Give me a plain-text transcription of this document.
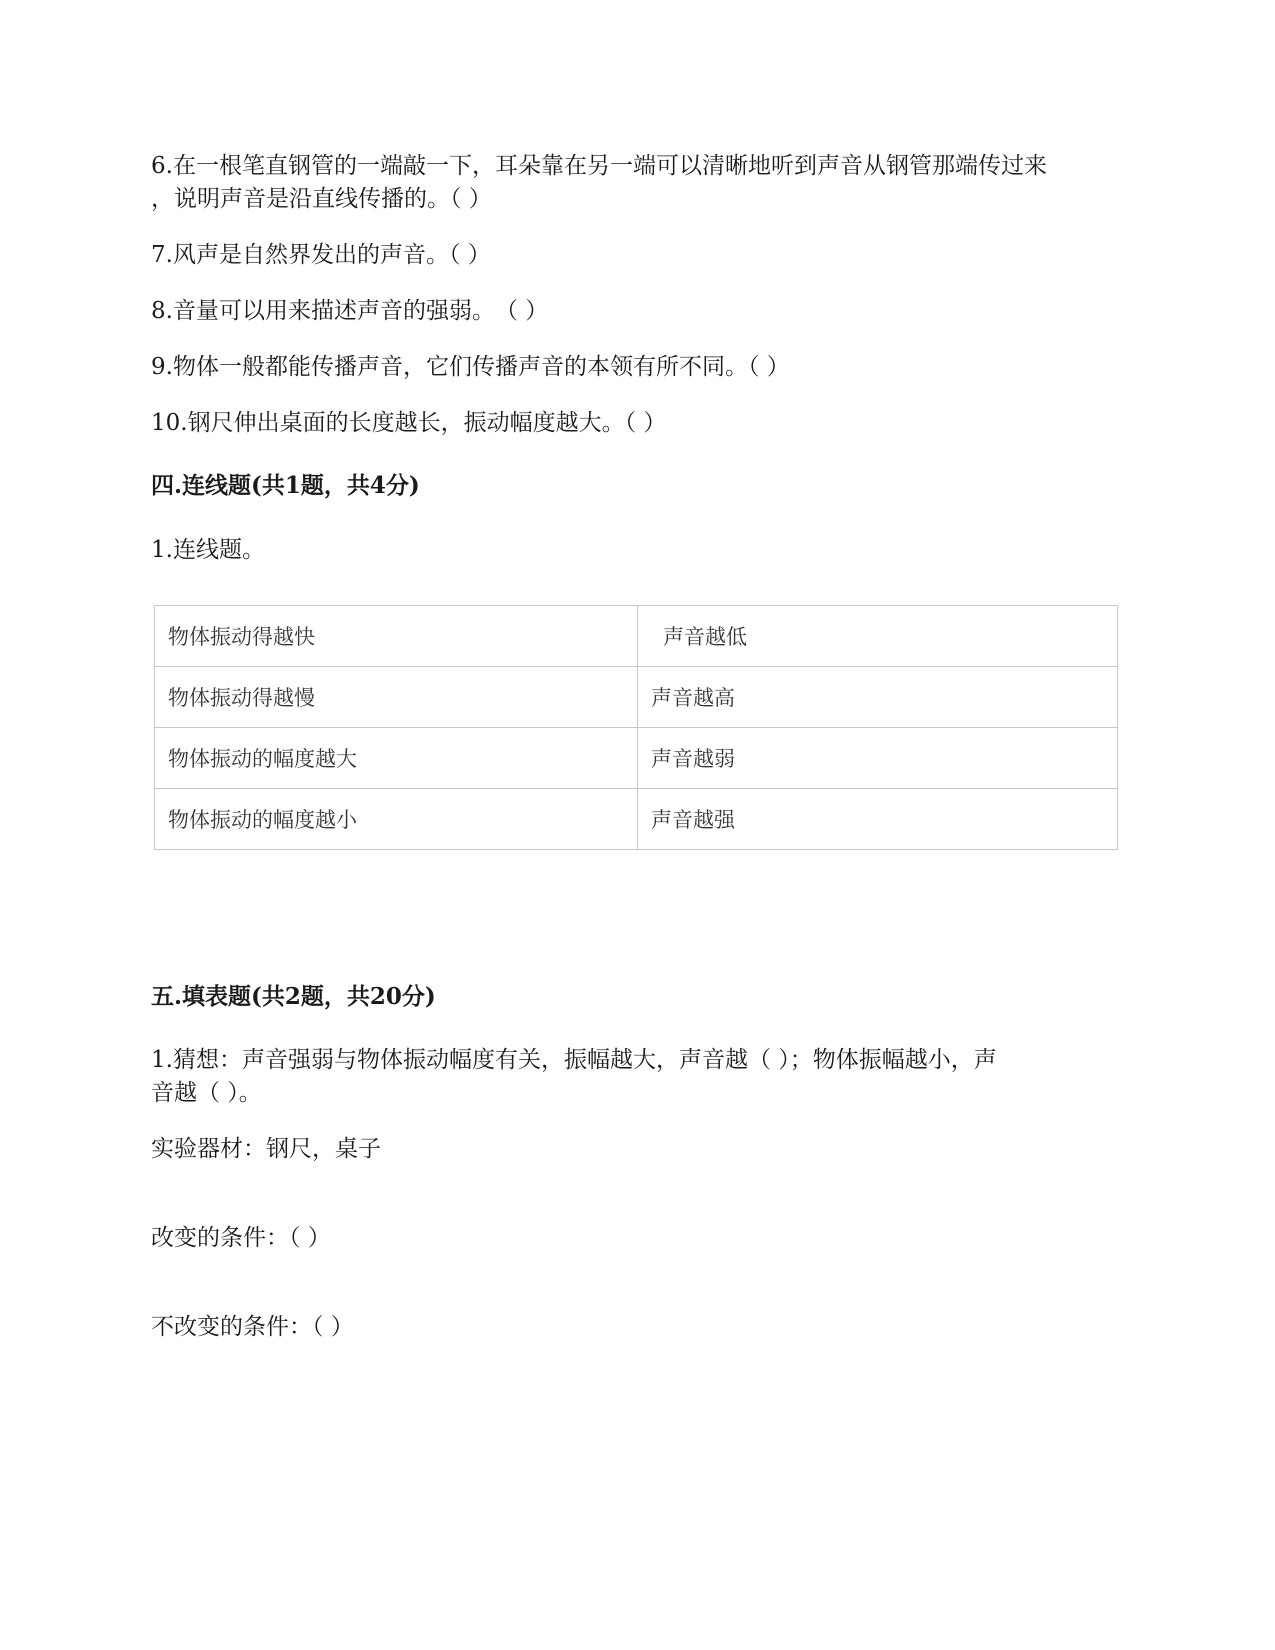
6.在一根笔直钢管的一端敲一下，耳朵靠在另一端可以清晰地听到声音从钢管那端传过来
，说明声音是沿直线传播的。（ ）
7.风声是自然界发出的声音。（ ）
8.音量可以用来描述声音的强弱。　（ ）
9.物体一般都能传播声音，它们传播声音的本领有所不同。（ ）
10.钢尺伸出桌面的长度越长，振动幅度越大。（ ）
四.连线题(共1题，共4分)
1.连线题。
物体振动得越快	声音越低
物体振动得越慢	声音越高
物体振动的幅度越大	声音越弱
物体振动的幅度越小	声音越强
五.填表题(共2题，共20分)
1.猜想：声音强弱与物体振动幅度有关，振幅越大，声音越（ ）；物体振幅越小，声
音越（ ）。
实验器材：钢尺，桌子
改变的条件：（ ）
不改变的条件：（ ）
